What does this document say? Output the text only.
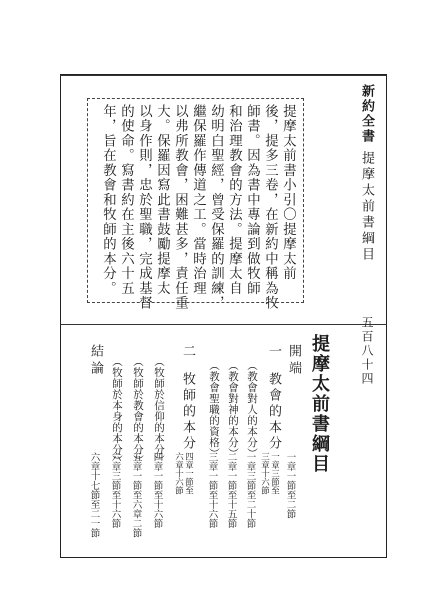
新約全書
提摩太前書綱目
五百八十四

提摩太前書小引〇提摩太前

後，提多三卷，在新約中稱為牧

師書。因為書中專論到做牧師

和治理教會的方法。提摩太自

幼明白聖經，曾受保羅的訓練，

繼保羅作傳道之工。當時治理

以弗所教會，困難甚多，責任重

大。保羅因寫此書鼓勵提摩太

以身作則，忠於聖職，完成基督

的使命。寫書約在主後六十五

年，旨在教會和牧師的本分。

提摩太前書綱目
開端
一章一節至二節
一
教會的本分
一章三節至
三章十六節
（教會對人的本分）
一章三節至二十節
（教會對神的本分）
二章一節至十五節
（教會聖職的資格）
三章一節至十六節
二
牧師的本分
四章一節至
六章十六節
（牧師於信仰的本分）
四章一節至十六節
（牧師於教會的本分）
五章一節至六章二節
（牧師於本身的本分）
六章三節至十六節
結論
六章十七節至二一節
